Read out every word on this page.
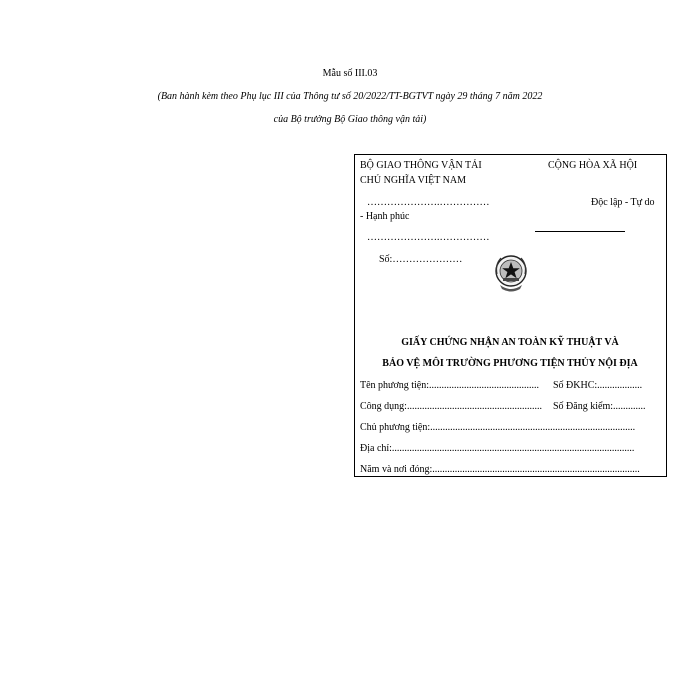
Mẫu số III.03
(Ban hành kèm theo Phụ lục III của Thông tư số 20/2022/TT-BGTVT ngày 29 tháng 7 năm 2022
của Bộ trưởng Bộ Giao thông vận tải)
BỘ GIAO THÔNG VẬN TẢI
CHỦ NGHĨA VIỆT NAM
CỘNG HÒA XÃ HỘI
………………….……………	Độc lập - Tự do
- Hạnh phúc
………………….……………
Số:…………………
GIẤY CHỨNG NHẬN AN TOÀN KỸ THUẬT VÀ
BẢO VỆ MÔI TRƯỜNG PHƯƠNG TIỆN THỦY NỘI ĐỊA
Tên phương tiện:............................................ Số ĐKHC:..................
Công dụng:...................................................... Số Đăng kiểm:.............
Chủ phương tiện:..................................................................................
Địa chỉ:.................................................................................................
Năm và nơi đóng:...................................................................................
